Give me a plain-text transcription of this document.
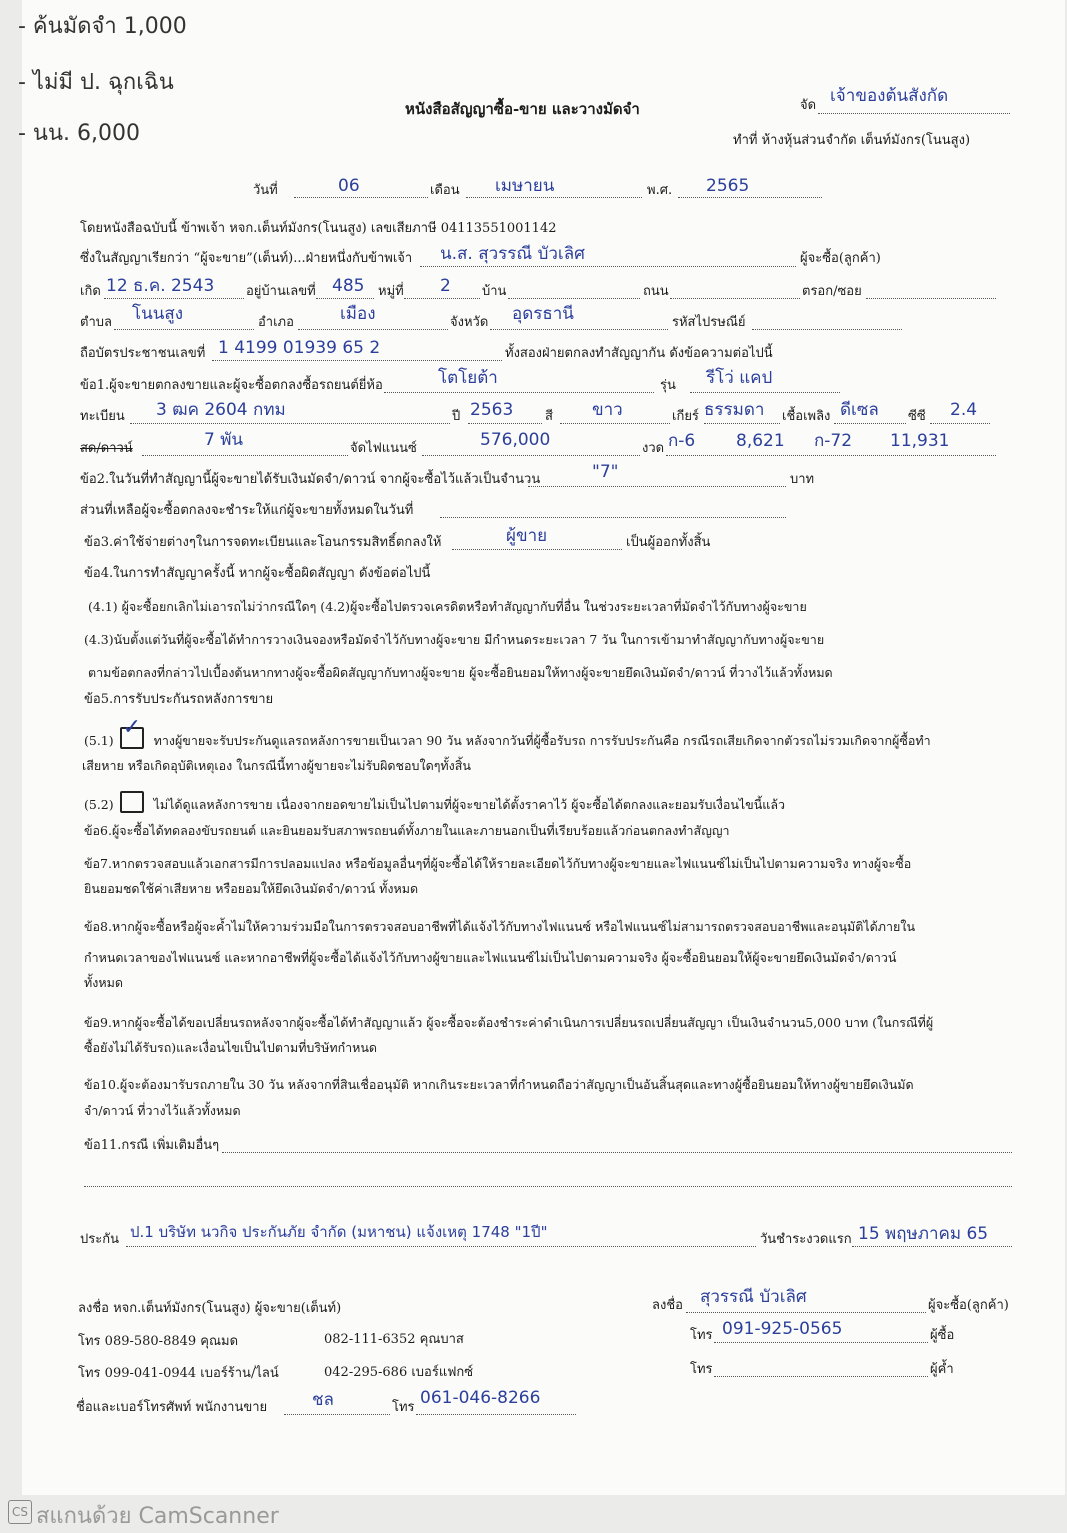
- ค้นมัดจำ 1,000
- ไม่มี ป. ฉุกเฉิน
- นน. 6,000
หนังสือสัญญาซื้อ-ขาย และวางมัดจำ	จัด เจ้าของต้นสังกัด
ทำที่ ห้างหุ้นส่วนจำกัด เต็นท์มังกร(โนนสูง)
วันที่	06	เดือน เมษายน	พ.ศ. 2565
โดยหนังสือฉบับนี้ ข้าพเจ้า หจก.เต็นท์มังกร(โนนสูง) เลขเสียภาษี 04113551001142
ซึ่งในสัญญาเรียกว่า “ผู้จะขาย”(เต็นท์)...ฝ่ายหนึ่งกับข้าพเจ้า น.ส. สุวรรณี บัวเลิศ	ผู้จะซื้อ(ลูกค้า)
เกิด 12 ธ.ค. 2543 อยู่บ้านเลขที่ 485 หมู่ที่ 2 บ้าน	ถนน	ตรอก/ซอย
ตำบล โนนสูง	อำเภอ	เมือง	จังหวัด อุดรธานี	รหัสไปรษณีย์
ถือบัตรประชาชนเลขที่ 1 4199 01939 65 2	ทั้งสองฝ่ายตกลงทำสัญญากัน ดังข้อความต่อไปนี้
ข้อ1.ผู้จะขายตกลงขายและผู้จะซื้อตกลงซื้อรถยนต์ยี่ห้อ	โตโยต้า	รุ่น รีโว่ แคป
ทะเบียน 3 ฒค 2604 กทม	ปี 2563 สี ขาว	เกียร์ ธรรมดา เชื้อเพลิง ดีเซล ซีซี 2.4
สด/ดาวน์	7 พัน	จัดไฟแนนซ์	576,000	งวด ก-6 8,621 ก-72 11,931
ข้อ2.ในวันที่ทำสัญญานี้ผู้จะขายได้รับเงินมัดจำ/ดาวน์ จากผู้จะซื้อไว้แล้วเป็นจำนวน	"7"	บาท
ส่วนที่เหลือผู้จะซื้อตกลงจะชำระให้แก่ผู้จะขายทั้งหมดในวันที่
ข้อ3.ค่าใช้จ่ายต่างๆในการจดทะเบียนและโอนกรรมสิทธิ์ตกลงให้	ผู้ขาย	เป็นผู้ออกทั้งสิ้น
ข้อ4.ในการทำสัญญาครั้งนี้ หากผู้จะซื้อผิดสัญญา ดังข้อต่อไปนี้
(4.1) ผู้จะซื้อยกเลิกไม่เอารถไม่ว่ากรณีใดๆ (4.2)ผู้จะซื้อไปตรวจเครดิตหรือทำสัญญากับที่อื่น ในช่วงระยะเวลาที่มัดจำไว้กับทางผู้จะขาย
(4.3)นับตั้งแต่วันที่ผู้จะซื้อได้ทำการวางเงินจองหรือมัดจำไว้กับทางผู้จะขาย มีกำหนดระยะเวลา 7 วัน ในการเข้ามาทำสัญญากับทางผู้จะขาย
ตามข้อตกลงที่กล่าวไปเบื้องต้นหากทางผู้จะซื้อผิดสัญญากับทางผู้จะขาย ผู้จะซื้อยินยอมให้ทางผู้จะขายยึดเงินมัดจำ/ดาวน์ ที่วางไว้แล้วทั้งหมด
ข้อ5.การรับประกันรถหลังการขาย
(5.1)
✓
ทางผู้ขายจะรับประกันดูแลรถหลังการขายเป็นเวลา 90 วัน หลังจากวันที่ผู้ซื้อรับรถ การรับประกันคือ กรณีรถเสียเกิดจากตัวรถไม่รวมเกิดจากผู้ซื้อทำ
เสียหาย หรือเกิดอุบัติเหตุเอง ในกรณีนี้ทางผู้ขายจะไม่รับผิดชอบใดๆทั้งสิ้น
(5.2)	ไม่ได้ดูแลหลังการขาย เนื่องจากยอดขายไม่เป็นไปตามที่ผู้จะขายได้ตั้งราคาไว้ ผู้จะซื้อได้ตกลงและยอมรับเงื่อนไขนี้แล้ว
ข้อ6.ผู้จะซื้อได้ทดลองขับรถยนต์ และยินยอมรับสภาพรถยนต์ทั้งภายในและภายนอกเป็นที่เรียบร้อยแล้วก่อนตกลงทำสัญญา
ข้อ7.หากตรวจสอบแล้วเอกสารมีการปลอมแปลง หรือข้อมูลอื่นๆที่ผู้จะซื้อได้ให้รายละเอียดไว้กับทางผู้จะขายและไฟแนนซ์ไม่เป็นไปตามความจริง ทางผู้จะซื้อ
ยินยอมชดใช้ค่าเสียหาย หรือยอมให้ยึดเงินมัดจำ/ดาวน์ ทั้งหมด
ข้อ8.หากผู้จะซื้อหรือผู้จะค้ำไม่ให้ความร่วมมือในการตรวจสอบอาชีพที่ได้แจ้งไว้กับทางไฟแนนซ์ หรือไฟแนนซ์ไม่สามารถตรวจสอบอาชีพและอนุมัติได้ภายใน
กำหนดเวลาของไฟแนนซ์ และหากอาชีพที่ผู้จะซื้อได้แจ้งไว้กับทางผู้ขายและไฟแนนซ์ไม่เป็นไปตามความจริง ผู้จะซื้อยินยอมให้ผู้จะขายยึดเงินมัดจำ/ดาวน์
ทั้งหมด
ข้อ9.หากผู้จะซื้อได้ขอเปลี่ยนรถหลังจากผู้จะซื้อได้ทำสัญญาแล้ว ผู้จะซื้อจะต้องชำระค่าดำเนินการเปลี่ยนรถเปลี่ยนสัญญา เป็นเงินจำนวน5,000 บาท (ในกรณีที่ผู้
ซื้อยังไม่ได้รับรถ)และเงื่อนไขเป็นไปตามที่บริษัทกำหนด
ข้อ10.ผู้จะต้องมารับรถภายใน 30 วัน หลังจากที่สินเชื่ออนุมัติ หากเกินระยะเวลาที่กำหนดถือว่าสัญญาเป็นอันสิ้นสุดและทางผู้ซื้อยินยอมให้ทางผู้ขายยึดเงินมัด
จำ/ดาวน์ ที่วางไว้แล้วทั้งหมด
ข้อ11.กรณี เพิ่มเติมอื่นๆ
ประกัน ป.1 บริษัท นวกิจ ประกันภัย จำกัด (มหาชน) แจ้งเหตุ 1748 "1ปี"	วันชำระงวดแรก 15 พฤษภาคม 65
ลงชื่อ หจก.เต็นท์มังกร(โนนสูง) ผู้จะขาย(เต็นท์)	ลงชื่อ สุวรรณี บัวเลิศ	ผู้จะซื้อ(ลูกค้า)
โทร 089-580-8849 คุณมด	082-111-6352 คุณบาส	โทร 091-925-0565	ผู้ซื้อ
โทร 099-041-0944 เบอร์ร้าน/ไลน์	042-295-686 เบอร์แฟกซ์	โทร	ผู้ค้ำ
ชื่อและเบอร์โทรศัพท์ พนักงานขาย	ชล	โทร 061-046-8266
CS สแกนด้วย CamScanner
